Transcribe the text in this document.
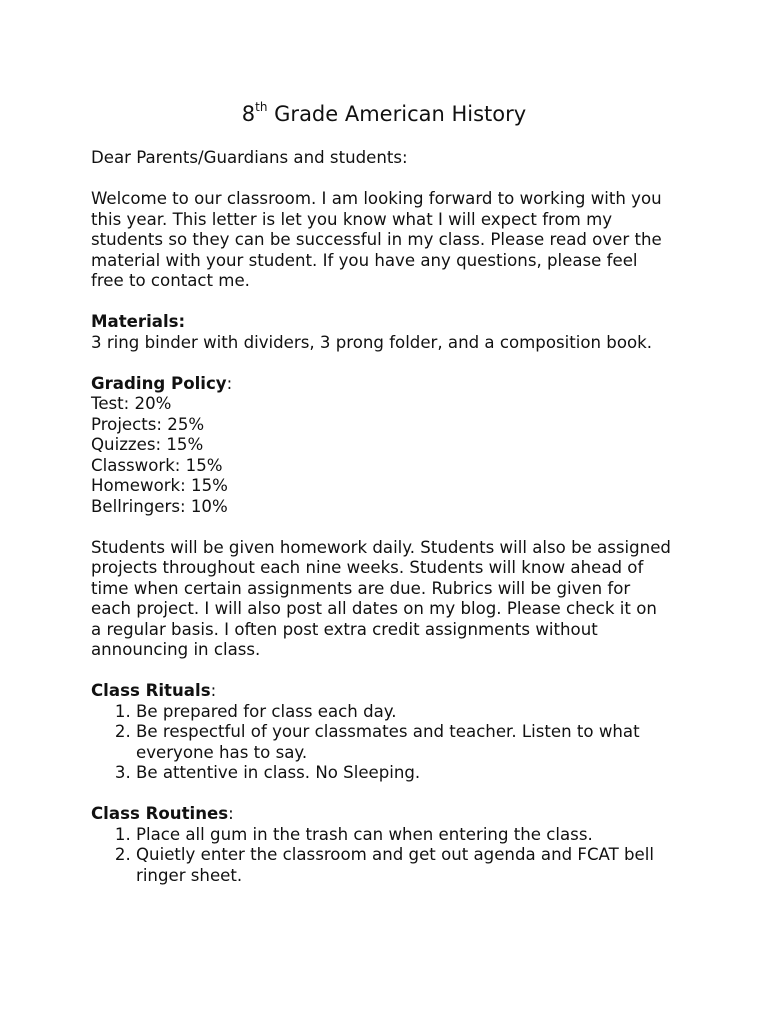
8th Grade American History

Dear Parents/Guardians and students:

Welcome to our classroom. I am looking forward to working with you this year. This letter is let you know what I will expect from my students so they can be successful in my class. Please read over the material with your student. If you have any questions, please feel free to contact me.

Materials:

3 ring binder with dividers, 3 prong folder, and a composition book.

Grading Policy:

Test: 20%

Projects: 25%

Quizzes: 15%

Classwork: 15%

Homework: 15%

Bellringers: 10%

Students will be given homework daily. Students will also be assigned projects throughout each nine weeks. Students will know ahead of time when certain assignments are due. Rubrics will be given for each project. I will also post all dates on my blog. Please check it on a regular basis. I often post extra credit assignments without announcing in class.

Class Rituals:

1. Be prepared for class each day.
2. Be respectful of your classmates and teacher. Listen to what everyone has to say.
3. Be attentive in class. No Sleeping.

Class Routines:

1. Place all gum in the trash can when entering the class.
2. Quietly enter the classroom and get out agenda and FCAT bell ringer sheet.
